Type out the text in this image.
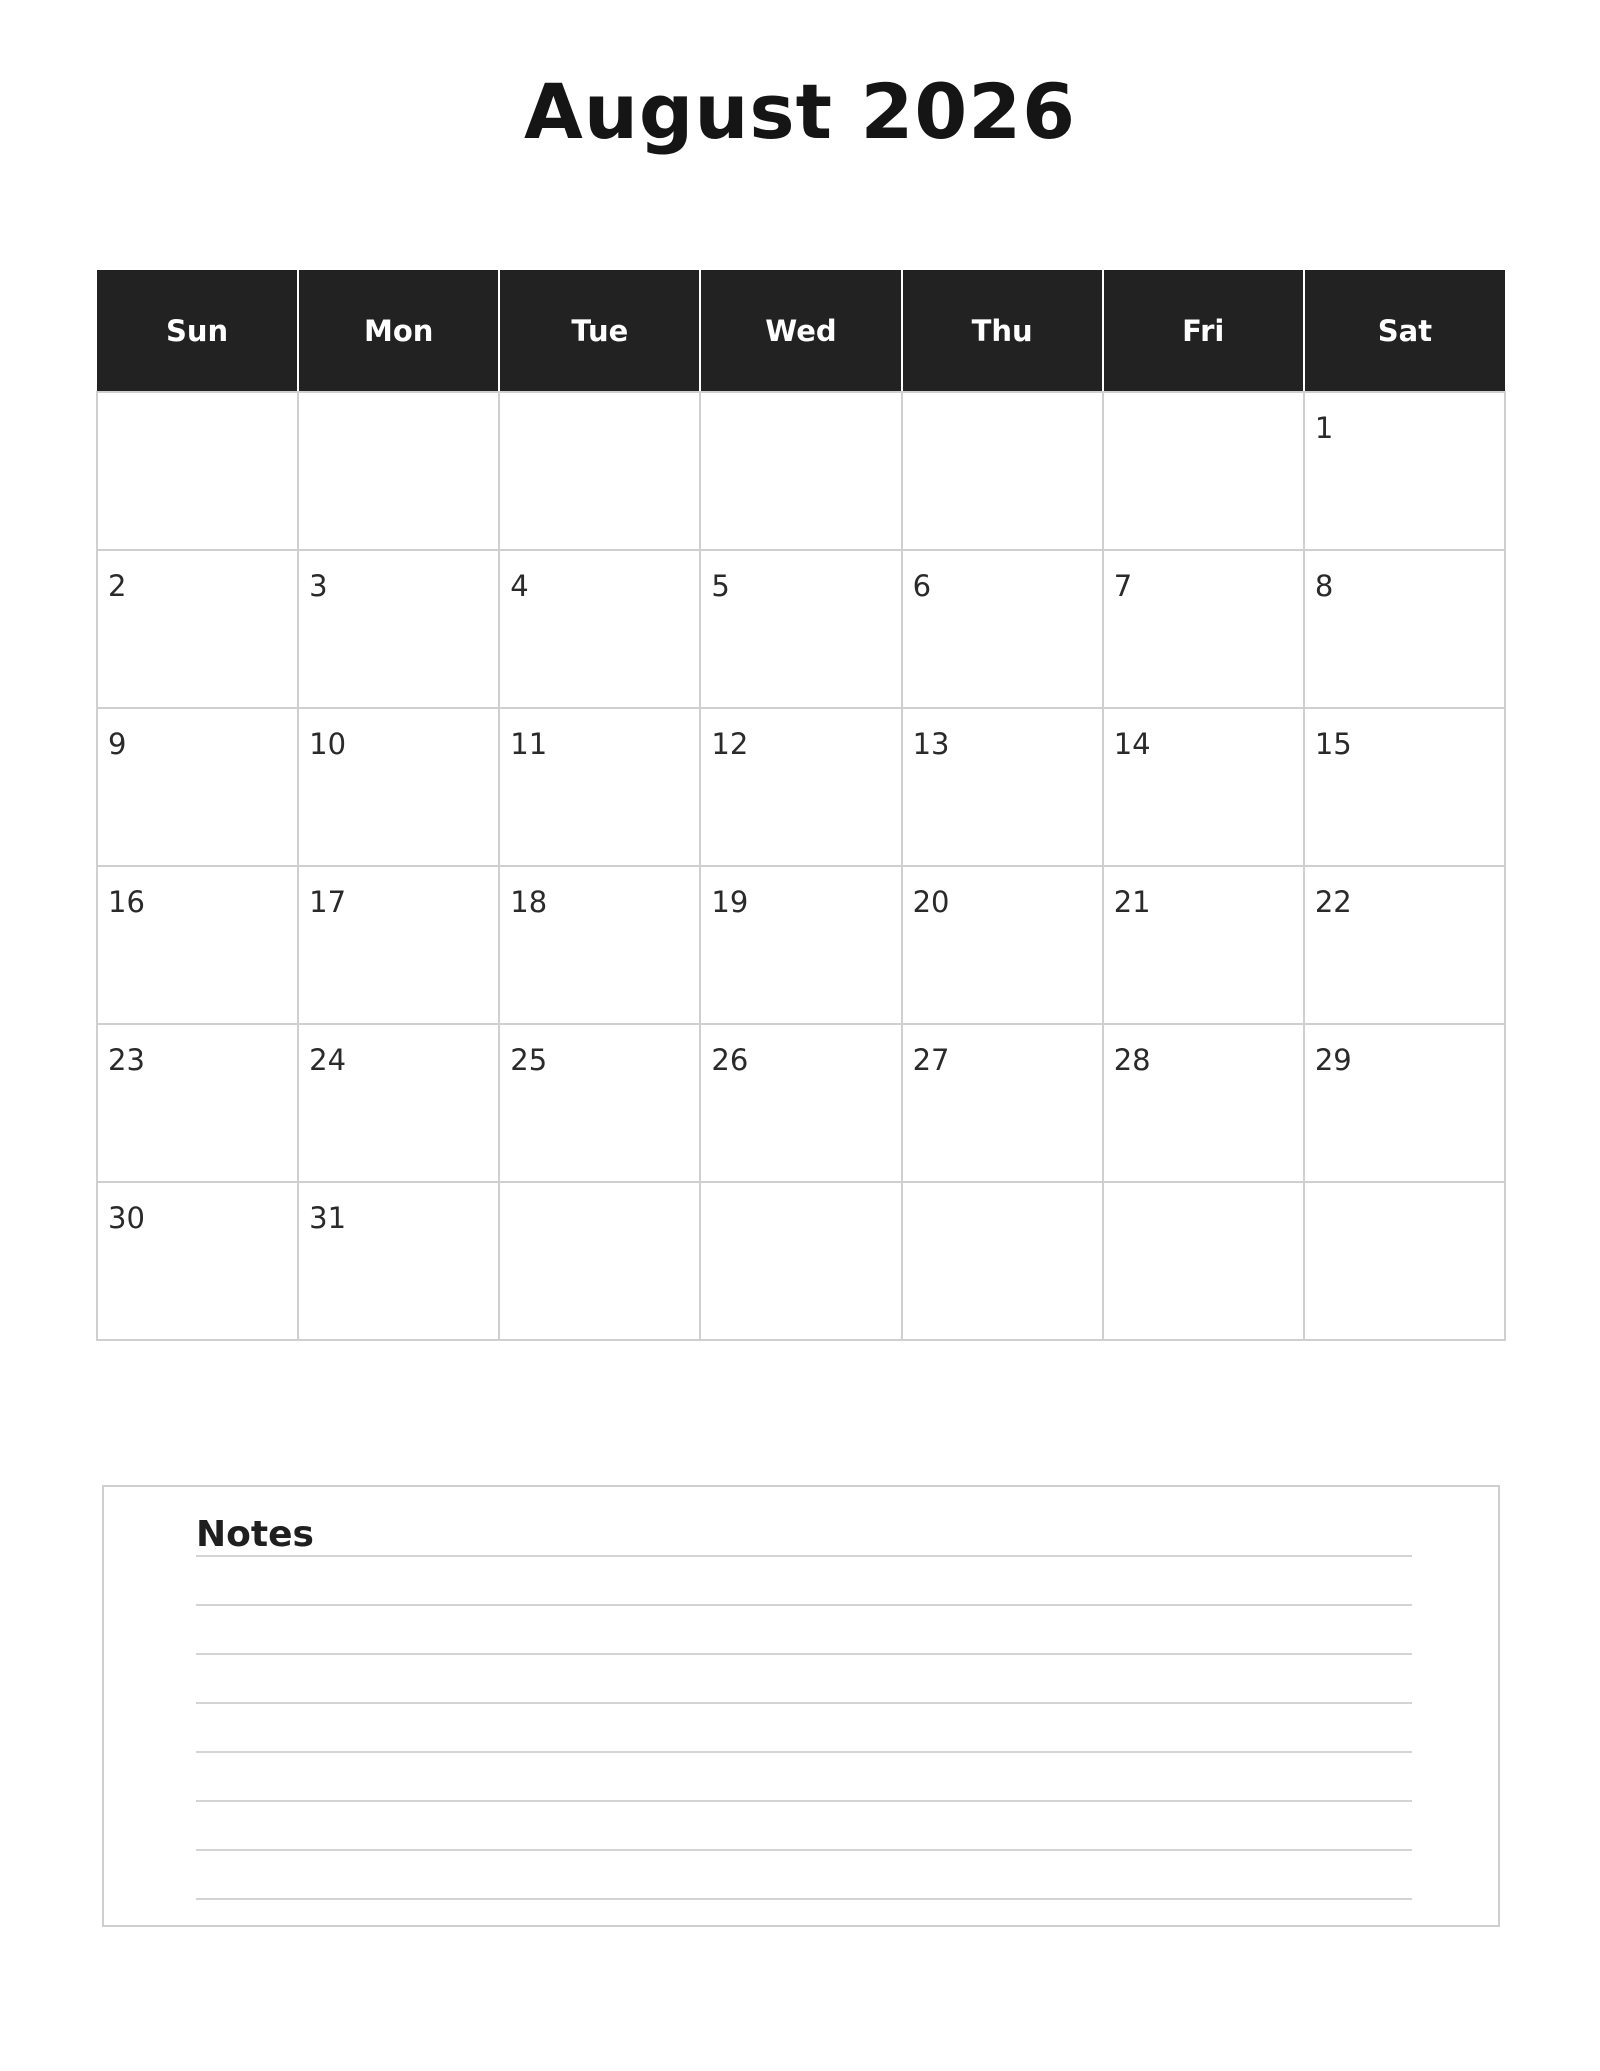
August 2026
Sun	Mon	Tue	Wed	Thu	Fri	Sat

						1

2	3	4	5	6	7	8

9	10	11	12	13	14	15

16	17	18	19	20	21	22

23	24	25	26	27	28	29

30	31					

Notes
